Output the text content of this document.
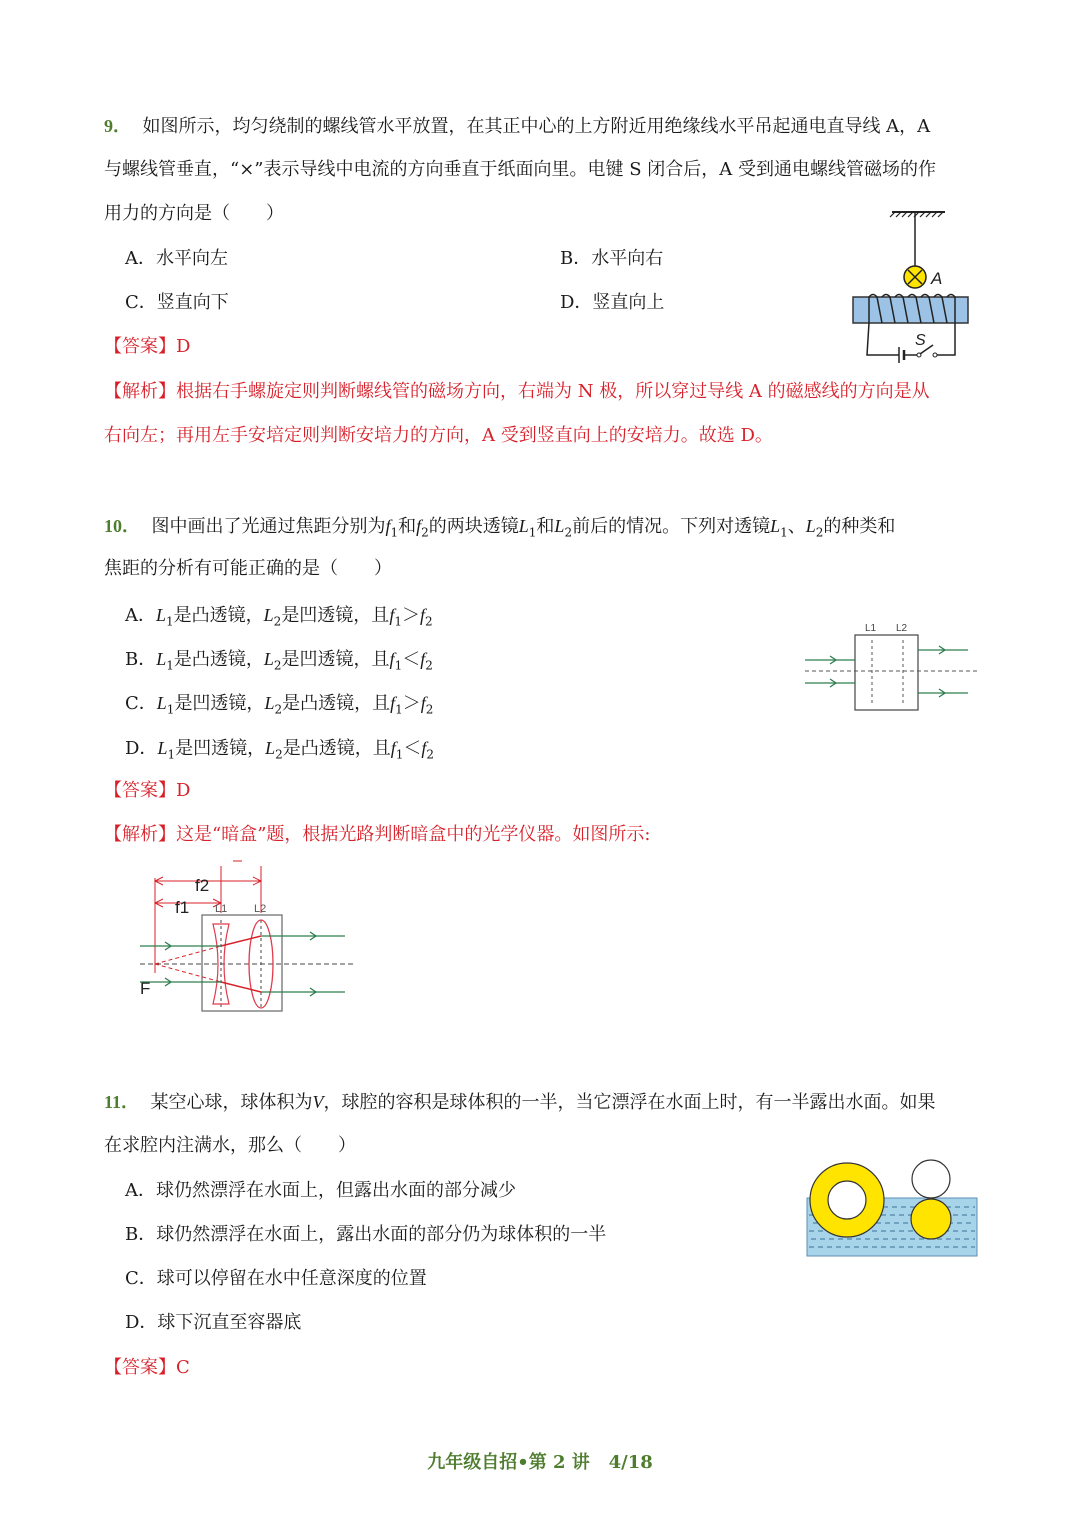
9． 如图所示，均匀绕制的螺线管水平放置，在其正中心的上方附近用绝缘线水平吊起通电直导线 A，A
与螺线管垂直，“×”表示导线中电流的方向垂直于纸面向里。电键 S 闭合后，A 受到通电螺线管磁场的作
用力的方向是（　　）
A．水平向左	B．水平向右
C．竖直向下	D．竖直向上
【答案】D
【解析】根据右手螺旋定则判断螺线管的磁场方向，右端为 N 极，所以穿过导线 A 的磁感线的方向是从
右向左；再用左手安培定则判断安培力的方向，A 受到竖直向上的安培力。故选 D。
A
S
10． 图中画出了光通过焦距分别为$f_1$和$f_2$的两块透镜$L_1$和$L_2$前后的情况。下列对透镜$L_1$、$L_2$的种类和
焦距的分析有可能正确的是（　　）
A．$L_1$是凸透镜，$L_2$是凹透镜，且$f_1>f_2$
B．$L_1$是凸透镜，$L_2$是凹透镜，且$f_1<f_2$
C．$L_1$是凹透镜，$L_2$是凸透镜，且$f_1>f_2$
D．$L_1$是凹透镜，$L_2$是凸透镜，且$f_1<f_2$
【答案】D
【解析】这是“暗盒”题，根据光路判断暗盒中的光学仪器。如图所示:
L1 L2
f2
f1 L1 L2
F
11． 某空心球，球体积为V，球腔的容积是球体积的一半，当它漂浮在水面上时，有一半露出水面。如果
在求腔内注满水，那么（　　）
A．球仍然漂浮在水面上，但露出水面的部分减少
B．球仍然漂浮在水面上，露出水面的部分仍为球体积的一半
C．球可以停留在水中任意深度的位置
D．球下沉直至容器底
【答案】C
九年级自招•第 2 讲 4/18
